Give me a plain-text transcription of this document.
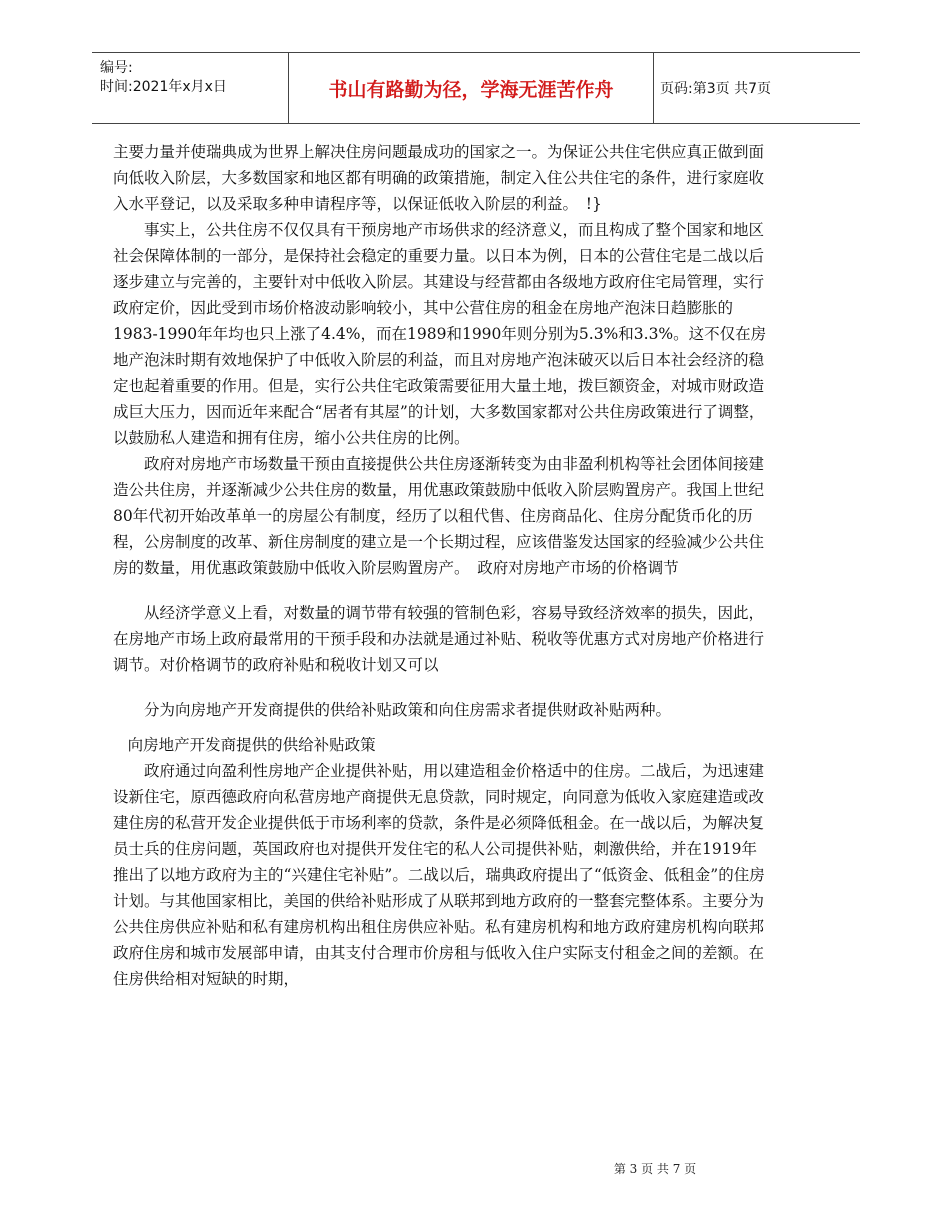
编号:
时间:2021年x月x日	书山有路勤为径，学海无涯苦作舟	页码:第3页 共7页

主要力量并使瑞典成为世界上解决住房问题最成功的国家之一。为保证公共住宅供应真正做到面向低收入阶层，大多数国家和地区都有明确的政策措施，制定入住公共住宅的条件，进行家庭收入水平登记，以及采取多种申请程序等，以保证低收入阶层的利益。　!}

事实上，公共住房不仅仅具有干预房地产市场供求的经济意义，而且构成了整个国家和地区社会保障体制的一部分，是保持社会稳定的重要力量。以日本为例，日本的公营住宅是二战以后逐步建立与完善的，主要针对中低收入阶层。其建设与经营都由各级地方政府住宅局管理，实行政府定价，因此受到市场价格波动影响较小，其中公营住房的租金在房地产泡沫日趋膨胀的1983-1990年年均也只上涨了4.4%，而在1989和1990年则分别为5.3%和3.3%。这不仅在房地产泡沫时期有效地保护了中低收入阶层的利益，而且对房地产泡沫破灭以后日本社会经济的稳定也起着重要的作用。但是，实行公共住宅政策需要征用大量土地，拨巨额资金，对城市财政造成巨大压力，因而近年来配合“居者有其屋”的计划，大多数国家都对公共住房政策进行了调整，以鼓励私人建造和拥有住房，缩小公共住房的比例。

政府对房地产市场数量干预由直接提供公共住房逐渐转变为由非盈利机构等社会团体间接建造公共住房，并逐渐减少公共住房的数量，用优惠政策鼓励中低收入阶层购置房产。我国上世纪80年代初开始改革单一的房屋公有制度，经历了以租代售、住房商品化、住房分配货币化的历程，公房制度的改革、新住房制度的建立是一个长期过程，应该借鉴发达国家的经验减少公共住房的数量，用优惠政策鼓励中低收入阶层购置房产。　政府对房地产市场的价格调节

从经济学意义上看，对数量的调节带有较强的管制色彩，容易导致经济效率的损失，因此，在房地产市场上政府最常用的干预手段和办法就是通过补贴、税收等优惠方式对房地产价格进行调节。对价格调节的政府补贴和税收计划又可以

分为向房地产开发商提供的供给补贴政策和向住房需求者提供财政补贴两种。

向房地产开发商提供的供给补贴政策

政府通过向盈利性房地产企业提供补贴，用以建造租金价格适中的住房。二战后，为迅速建设新住宅，原西德政府向私营房地产商提供无息贷款，同时规定，向同意为低收入家庭建造或改建住房的私营开发企业提供低于市场利率的贷款，条件是必须降低租金。在一战以后，为解决复员士兵的住房问题，英国政府也对提供开发住宅的私人公司提供补贴，刺激供给，并在1919年推出了以地方政府为主的“兴建住宅补贴”。二战以后，瑞典政府提出了“低资金、低租金”的住房计划。与其他国家相比，美国的供给补贴形成了从联邦到地方政府的一整套完整体系。主要分为公共住房供应补贴和私有建房机构出租住房供应补贴。私有建房机构和地方政府建房机构向联邦政府住房和城市发展部申请，由其支付合理市价房租与低收入住户实际支付租金之间的差额。在住房供给相对短缺的时期，

第 3 页 共 7 页
